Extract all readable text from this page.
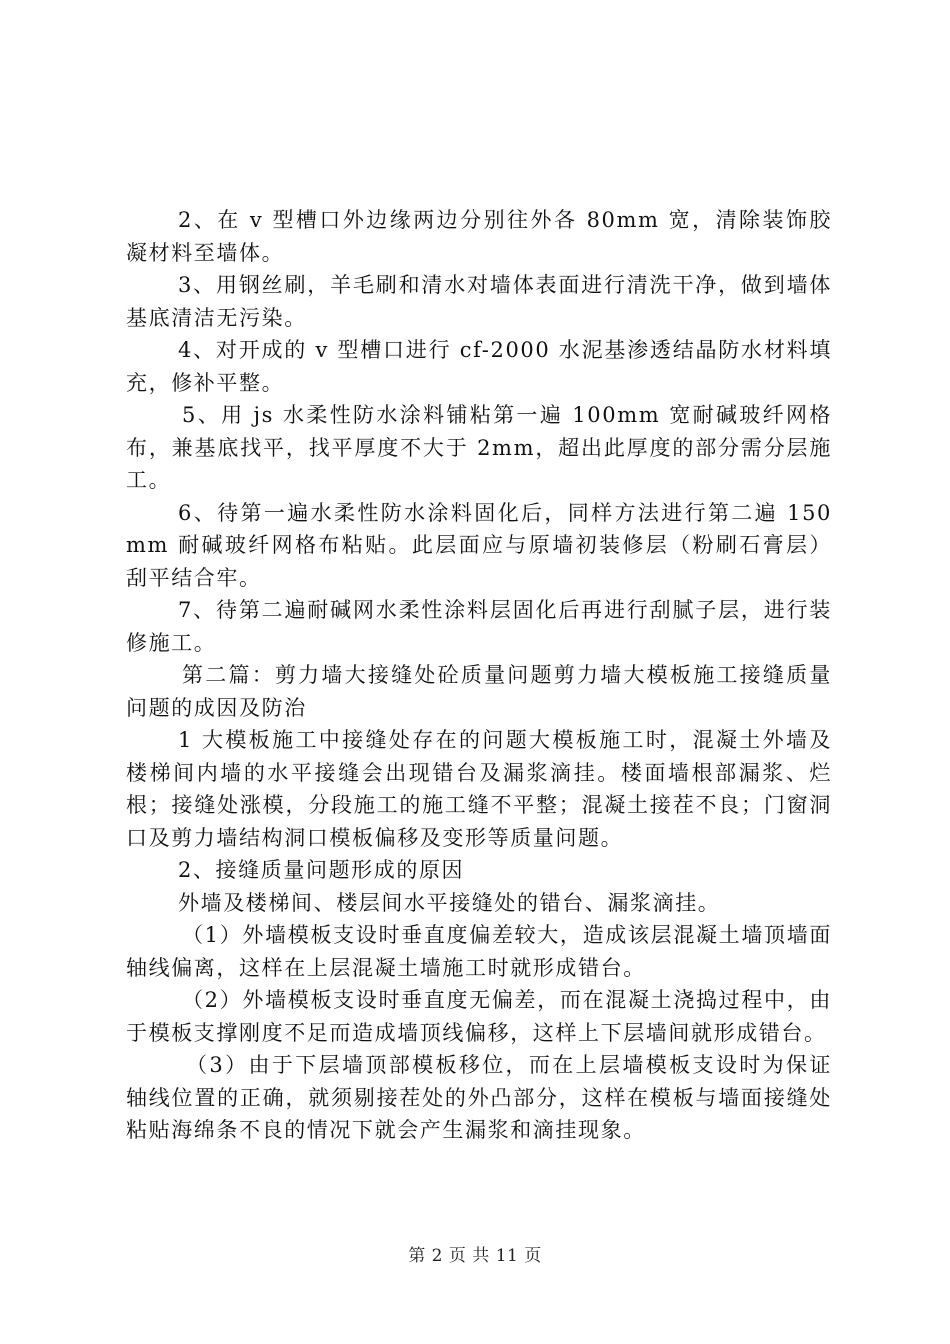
2、在 v 型槽口外边缘两边分别往外各 80mm 宽，清除装饰胶凝材料至墙体。

3、用钢丝刷，羊毛刷和清水对墙体表面进行清洗干净，做到墙体基底清洁无污染。

4、对开成的 v 型槽口进行 cf-2000 水泥基渗透结晶防水材料填充，修补平整。

5、用 js 水柔性防水涂料铺粘第一遍 100mm 宽耐碱玻纤网格布，兼基底找平，找平厚度不大于 2mm，超出此厚度的部分需分层施工。

6、待第一遍水柔性防水涂料固化后，同样方法进行第二遍 150mm 耐碱玻纤网格布粘贴。此层面应与原墙初装修层（粉刷石膏层）刮平结合牢。

7、待第二遍耐碱网水柔性涂料层固化后再进行刮腻子层，进行装修施工。

第二篇：剪力墙大接缝处砼质量问题剪力墙大模板施工接缝质量问题的成因及防治

1 大模板施工中接缝处存在的问题大模板施工时，混凝土外墙及楼梯间内墙的水平接缝会出现错台及漏浆滴挂。楼面墙根部漏浆、烂根；接缝处涨模，分段施工的施工缝不平整；混凝土接茬不良；门窗洞口及剪力墙结构洞口模板偏移及变形等质量问题。

2、接缝质量问题形成的原因

外墙及楼梯间、楼层间水平接缝处的错台、漏浆滴挂。

（1）外墙模板支设时垂直度偏差较大，造成该层混凝土墙顶墙面轴线偏离，这样在上层混凝土墙施工时就形成错台。

（2）外墙模板支设时垂直度无偏差，而在混凝土浇捣过程中，由于模板支撑刚度不足而造成墙顶线偏移，这样上下层墙间就形成错台。

（3）由于下层墙顶部模板移位，而在上层墙模板支设时为保证轴线位置的正确，就须剔接茬处的外凸部分，这样在模板与墙面接缝处粘贴海绵条不良的情况下就会产生漏浆和滴挂现象。

第 2 页 共 11 页
